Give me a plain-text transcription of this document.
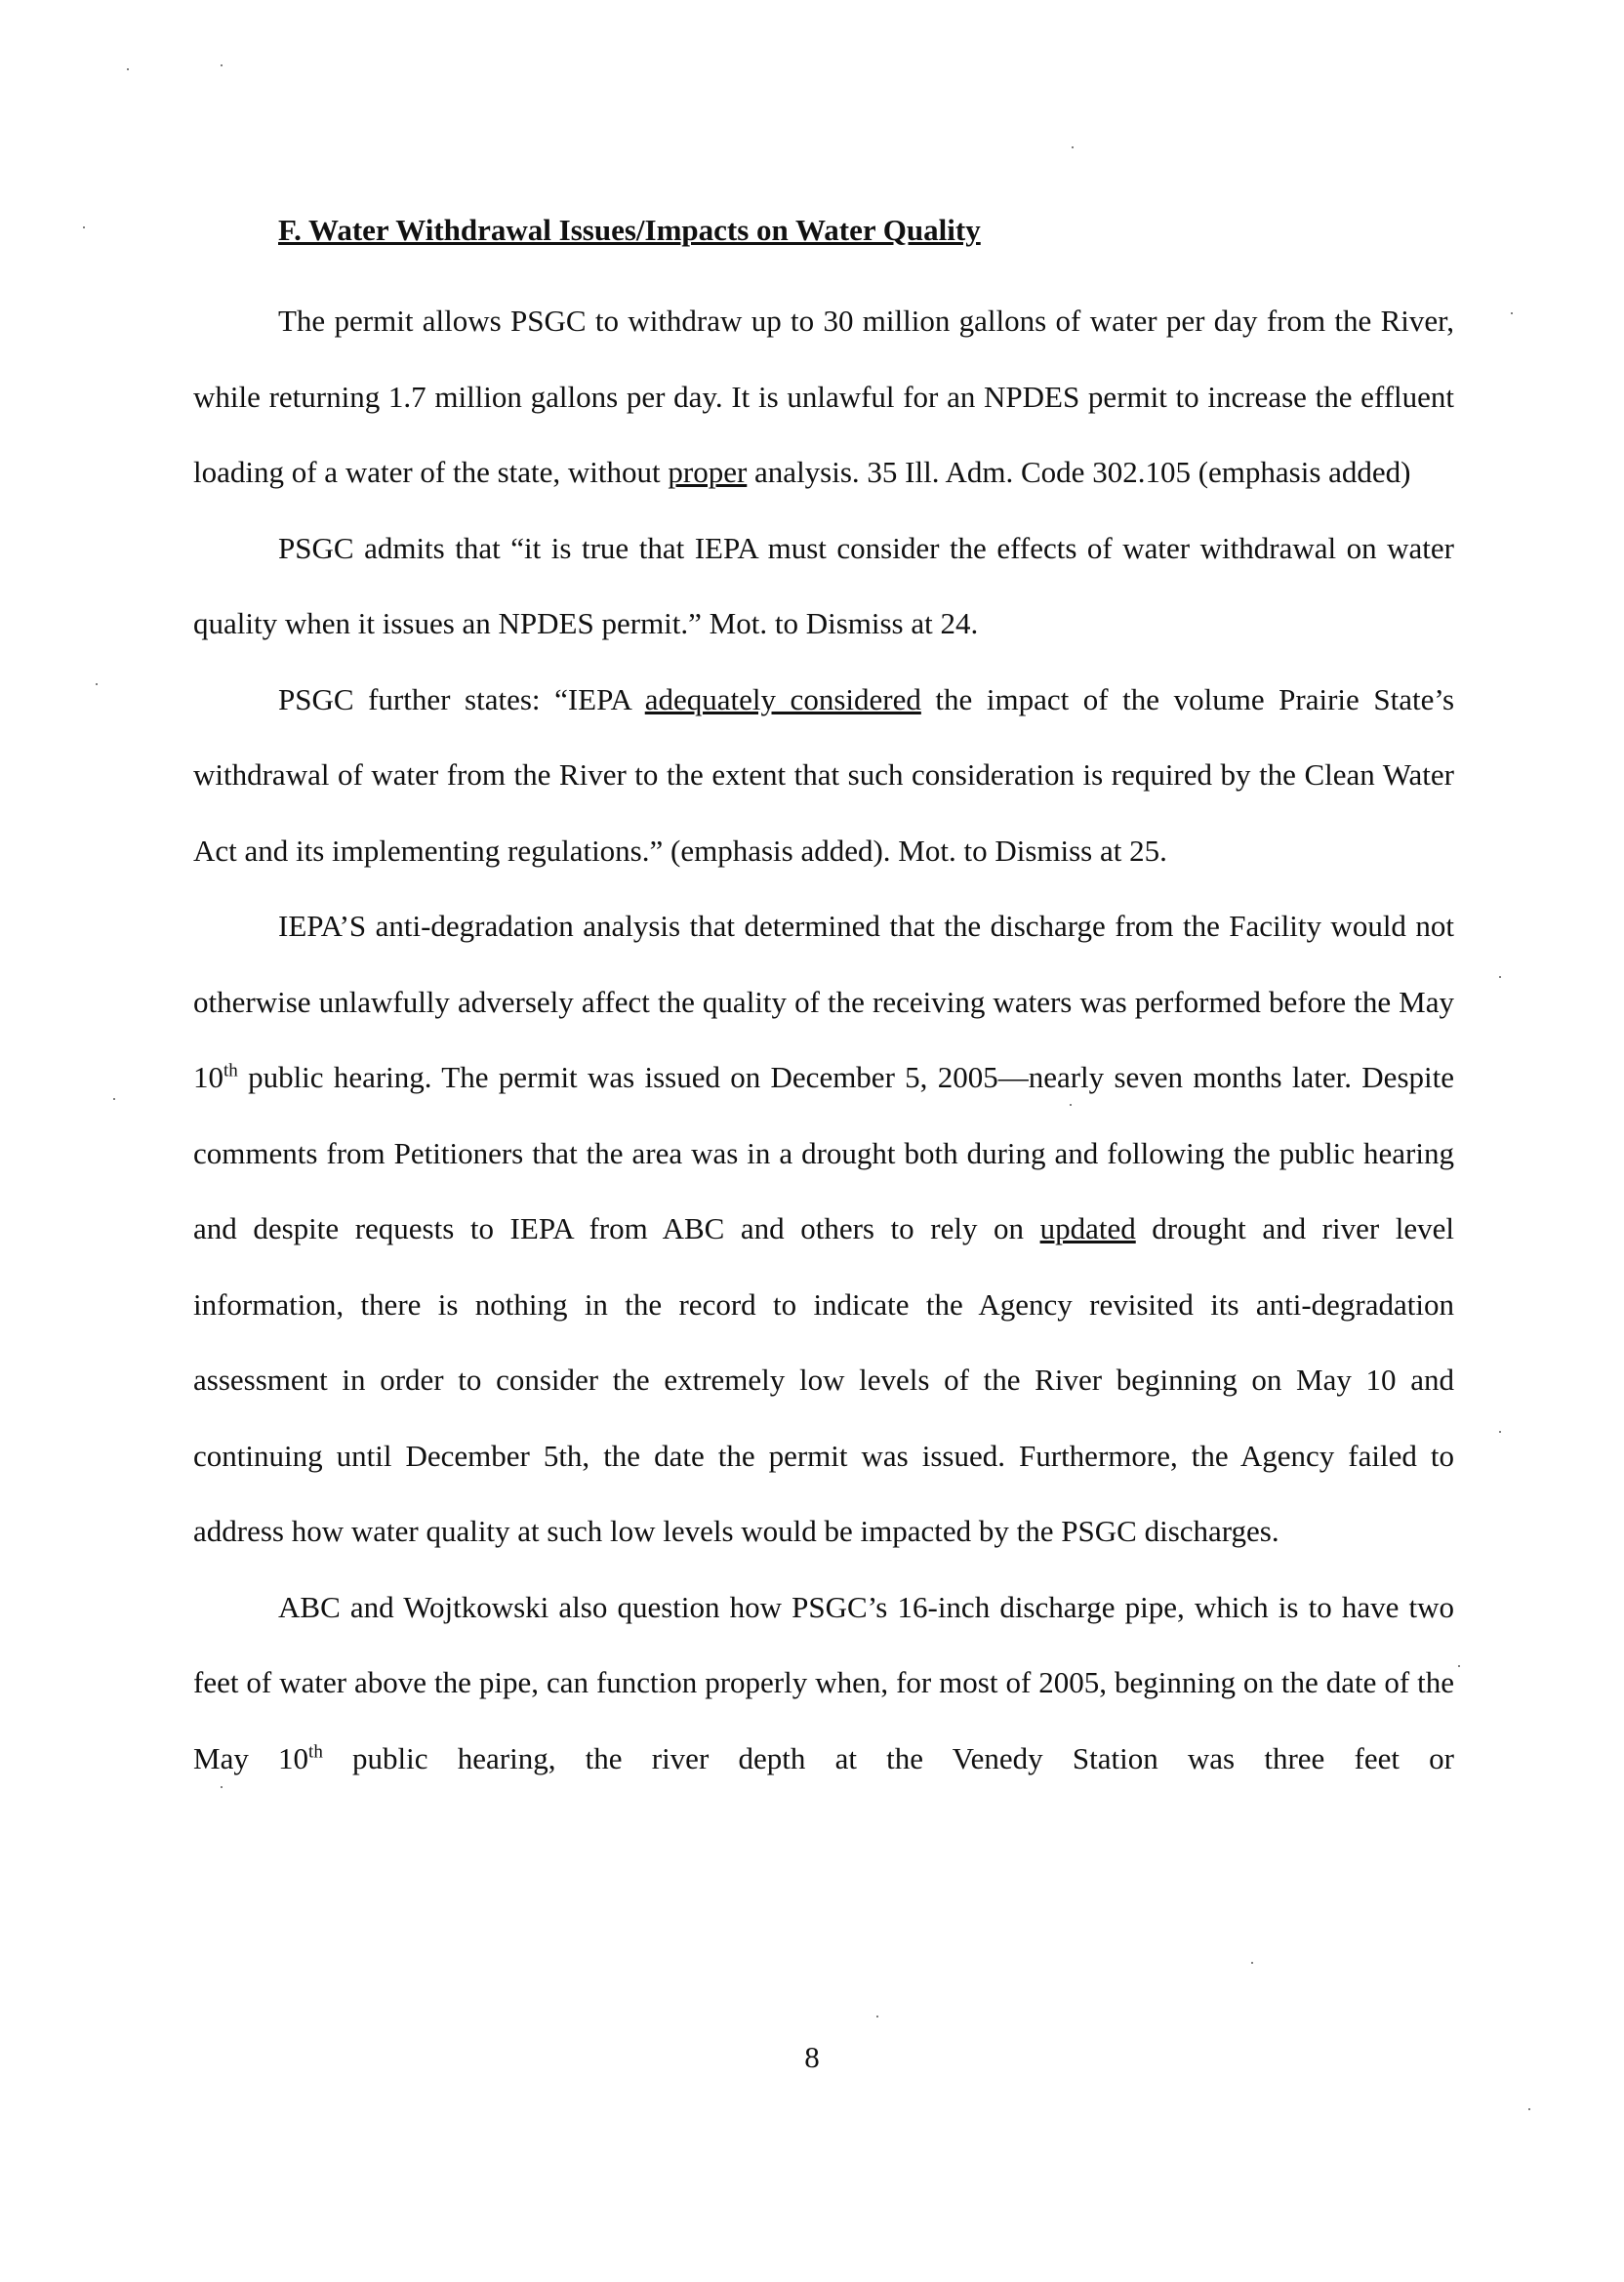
F. Water Withdrawal Issues/Impacts on Water Quality

The permit allows PSGC to withdraw up to 30 million gallons of water per day from the River, while returning 1.7 million gallons per day. It is unlawful for an NPDES permit to increase the effluent loading of a water of the state, without proper analysis. 35 Ill. Adm. Code 302.105 (emphasis added)

PSGC admits that “it is true that IEPA must consider the effects of water withdrawal on water quality when it issues an NPDES permit.” Mot. to Dismiss at 24.

PSGC further states: “IEPA adequately considered the impact of the volume Prairie State’s withdrawal of water from the River to the extent that such consideration is required by the Clean Water Act and its implementing regulations.” (emphasis added). Mot. to Dismiss at 25.

IEPA’S anti-degradation analysis that determined that the discharge from the Facility would not otherwise unlawfully adversely affect the quality of the receiving waters was performed before the May 10th public hearing. The permit was issued on December 5, 2005—nearly seven months later. Despite comments from Petitioners that the area was in a drought both during and following the public hearing and despite requests to IEPA from ABC and others to rely on updated drought and river level information, there is nothing in the record to indicate the Agency revisited its anti-degradation assessment in order to consider the extremely low levels of the River beginning on May 10 and continuing until December 5th, the date the permit was issued. Furthermore, the Agency failed to address how water quality at such low levels would be impacted by the PSGC discharges.

ABC and Wojtkowski also question how PSGC’s 16-inch discharge pipe, which is to have two feet of water above the pipe, can function properly when, for most of 2005, beginning on the date of the May 10th public hearing, the river depth at the Venedy Station was three feet or

8
